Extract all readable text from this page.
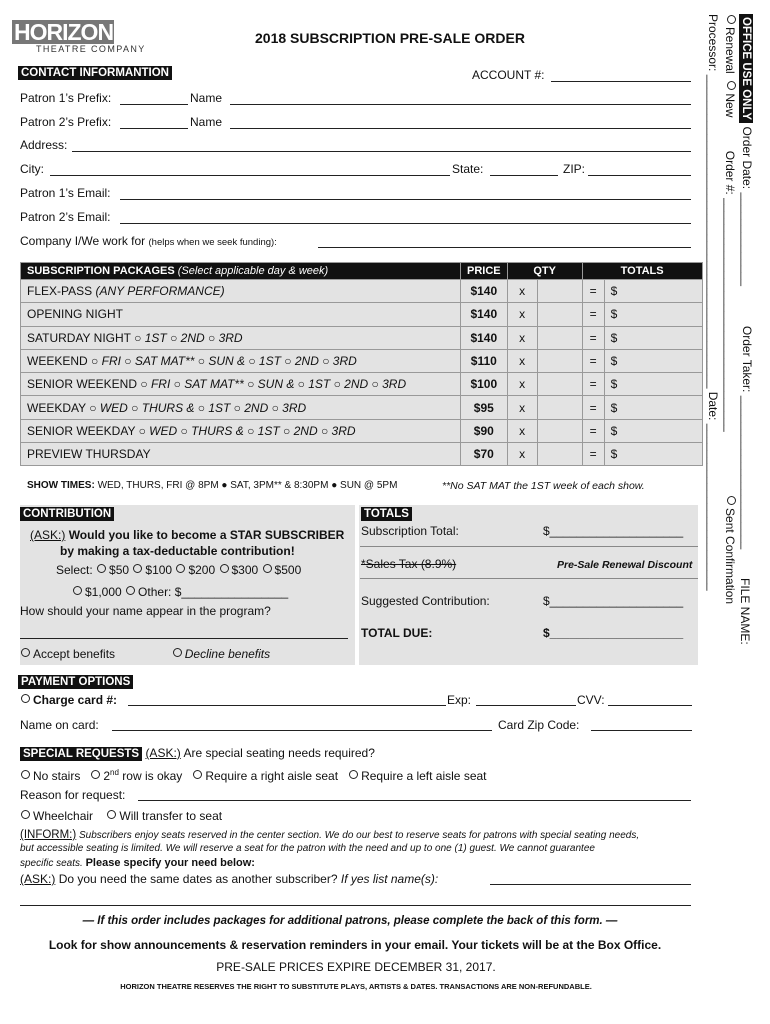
HORIZON
THEATRE COMPANY
2018 SUBSCRIPTION PRE-SALE ORDER
CONTACT INFORMANTION	ACCOUNT #:
Patron 1’s Prefix:	Name
Patron 2’s Prefix:	Name
Address:
City:	State:	ZIP:
Patron 1’s Email:
Patron 2’s Email:
Company I/We work for (helps when we seek funding):
SUBSCRIPTION PACKAGES (Select applicable day & week)	PRICE	QTY		TOTALS	
FLEX-PASS (ANY PERFORMANCE)	$140	x		=	$
OPENING NIGHT	$140	x		=	$
SATURDAY NIGHT ○ 1ST ○ 2ND ○ 3RD	$140	x		=	$
WEEKEND ○ FRI ○ SAT MAT** ○ SUN & ○ 1ST ○ 2ND ○ 3RD	$110	x		=	$
SENIOR WEEKEND ○ FRI ○ SAT MAT** ○ SUN & ○ 1ST ○ 2ND ○ 3RD	$100	x		=	$
WEEKDAY ○ WED ○ THURS & ○ 1ST ○ 2ND ○ 3RD	$95	x		=	$
SENIOR WEEKDAY ○ WED ○ THURS & ○ 1ST ○ 2ND ○ 3RD	$90	x		=	$
PREVIEW THURSDAY	$70	x		=	$
SHOW TIMES: WED, THURS, FRI @ 8PM ● SAT, 3PM** & 8:30PM ● SUN @ 5PM	**No SAT MAT the 1ST week of each show.
CONTRIBUTION
(ASK:) Would you like to become a STAR SUBSCRIBER
by making a tax-deductable contribution!
Select: $50 $100 $200 $300 $500
$1,000 Other: $________________
How should your name appear in the program?
Accept benefits	Decline benefits
TOTALS
Subscription Total:	$____________________
*Sales Tax (8.9%)	Pre-Sale Renewal Discount
Suggested Contribution:	$____________________
TOTAL DUE:	$____________________
PAYMENT OPTIONS
Charge card #:	Exp:	CVV:
Name on card:	Card Zip Code:
SPECIAL REQUESTS (ASK:) Are special seating needs required?
No stairs 2nd row is okay Require a right aisle seat Require a left aisle seat
Reason for request:
Wheelchair Will transfer to seat
(INFORM:) Subscribers enjoy seats reserved in the center section. We do our best to reserve seats for patrons with special seating needs,
but accessible seating is limited. We will reserve a seat for the patron with the need and up to one (1) guest. We cannot guarantee
specific seats. Please specify your need below:
(ASK:) Do you need the same dates as another subscriber? If yes list name(s):
— If this order includes packages for additional patrons, please complete the back of this form. —
Look for show announcements & reservation reminders in your email. Your tickets will be at the Box Office.
PRE-SALE PRICES EXPIRE DECEMBER 31, 2017.
HORIZON THEATRE RESERVES THE RIGHT TO SUBSTITUTE PLAYS, ARTISTS & DATES. TRANSACTIONS ARE NON-REFUNDABLE.
OFFICE USE ONLY Order Date: ______________            Order Taker: _______________________
Renewal  New          Order #: ___________________________________                   Sent Confirmation
Processor: _______________________________________________ Date: _________________________
FILE NAME:
